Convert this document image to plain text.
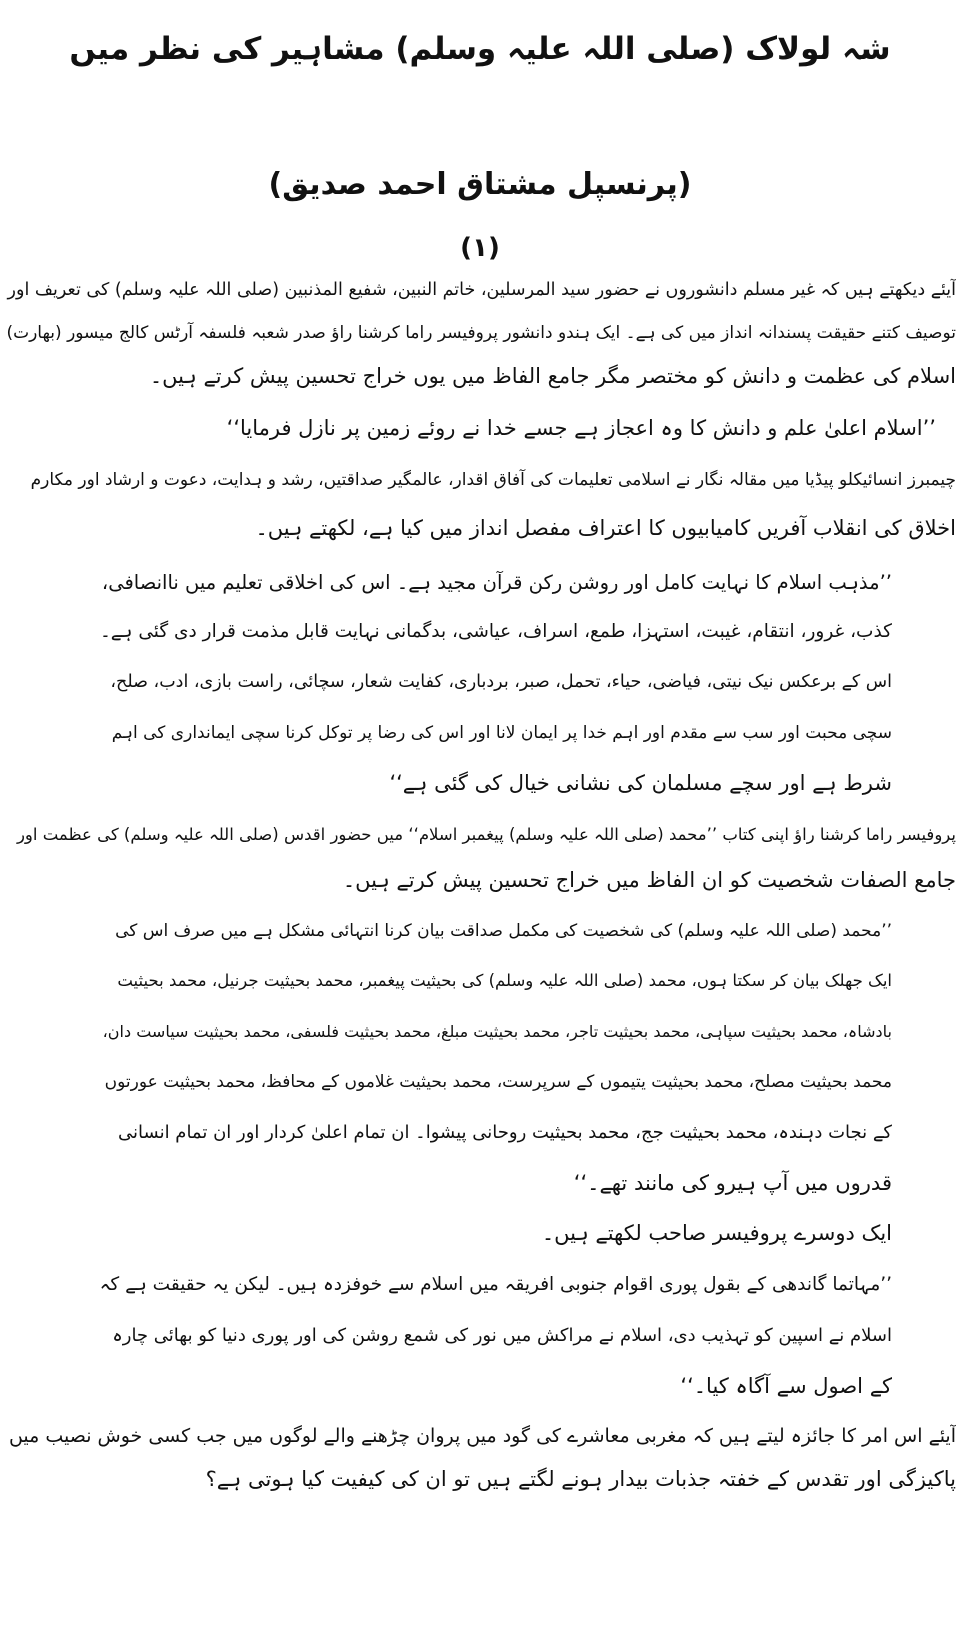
شہ لولاک (صلی اللہ علیہ وسلم) مشاہیر کی نظر میں
(پرنسپل مشتاق احمد صدیق)
(۱)
آیئے دیکھتے ہیں کہ غیر مسلم دانشوروں نے حضور سید المرسلین، خاتم النبین، شفیع المذنبین (صلی اللہ علیہ وسلم) کی تعریف اور
توصیف کتنے حقیقت پسندانہ انداز میں کی ہے۔ ایک ہندو دانشور پروفیسر راما کرشنا راؤ صدر شعبہ فلسفہ آرٹس کالج میسور (بھارت)
اسلام کی عظمت و دانش کو مختصر مگر جامع الفاظ میں یوں خراج تحسین پیش کرتے ہیں۔
’’اسلام اعلیٰ علم و دانش کا وہ اعجاز ہے جسے خدا نے روئے زمین پر نازل فرمایا‘‘
چیمبرز انسائیکلو پیڈیا میں مقالہ نگار نے اسلامی تعلیمات کی آفاق اقدار، عالمگیر صداقتیں، رشد و ہدایت، دعوت و ارشاد اور مکارم
اخلاق کی انقلاب آفریں کامیابیوں کا اعتراف مفصل انداز میں کیا ہے، لکھتے ہیں۔
’’مذہب اسلام کا نہایت کامل اور روشن رکن قرآن مجید ہے۔ اس کی اخلاقی تعلیم میں ناانصافی،
کذب، غرور، انتقام، غیبت، استہزا، طمع، اسراف، عیاشی، بدگمانی نہایت قابل مذمت قرار دی گئی ہے۔
اس کے برعکس نیک نیتی، فیاضی، حیاء، تحمل، صبر، بردباری، کفایت شعار، سچائی، راست بازی، ادب، صلح،
سچی محبت اور سب سے مقدم اور اہم خدا پر ایمان لانا اور اس کی رضا پر توکل کرنا سچی ایمانداری کی اہم
شرط ہے اور سچے مسلمان کی نشانی خیال کی گئی ہے‘‘
پروفیسر راما کرشنا راؤ اپنی کتاب ’’محمد (صلی اللہ علیہ وسلم) پیغمبر اسلام‘‘ میں حضور اقدس (صلی اللہ علیہ وسلم) کی عظمت اور
جامع الصفات شخصیت کو ان الفاظ میں خراج تحسین پیش کرتے ہیں۔
’’محمد (صلی اللہ علیہ وسلم) کی شخصیت کی مکمل صداقت بیان کرنا انتہائی مشکل ہے میں صرف اس کی
ایک جھلک بیان کر سکتا ہوں، محمد (صلی اللہ علیہ وسلم) کی بحیثیت پیغمبر، محمد بحیثیت جرنیل، محمد بحیثیت
بادشاہ، محمد بحیثیت سپاہی، محمد بحیثیت تاجر، محمد بحیثیت مبلغ، محمد بحیثیت فلسفی، محمد بحیثیت سیاست دان،
محمد بحیثیت مصلح، محمد بحیثیت یتیموں کے سرپرست، محمد بحیثیت غلاموں کے محافظ، محمد بحیثیت عورتوں
کے نجات دہندہ، محمد بحیثیت جج، محمد بحیثیت روحانی پیشوا۔ ان تمام اعلیٰ کردار اور ان تمام انسانی
قدروں میں آپ ہیرو کی مانند تھے۔‘‘
ایک دوسرے پروفیسر صاحب لکھتے ہیں۔
’’مہاتما گاندھی کے بقول پوری اقوام جنوبی افریقہ میں اسلام سے خوفزدہ ہیں۔ لیکن یہ حقیقت ہے کہ
اسلام نے اسپین کو تہذیب دی، اسلام نے مراکش میں نور کی شمع روشن کی اور پوری دنیا کو بھائی چارہ
کے اصول سے آگاہ کیا۔‘‘
آیئے اس امر کا جائزہ لیتے ہیں کہ مغربی معاشرے کی گود میں پروان چڑھنے والے لوگوں میں جب کسی خوش نصیب میں
پاکیزگی اور تقدس کے خفتہ جذبات بیدار ہونے لگتے ہیں تو ان کی کیفیت کیا ہوتی ہے؟
